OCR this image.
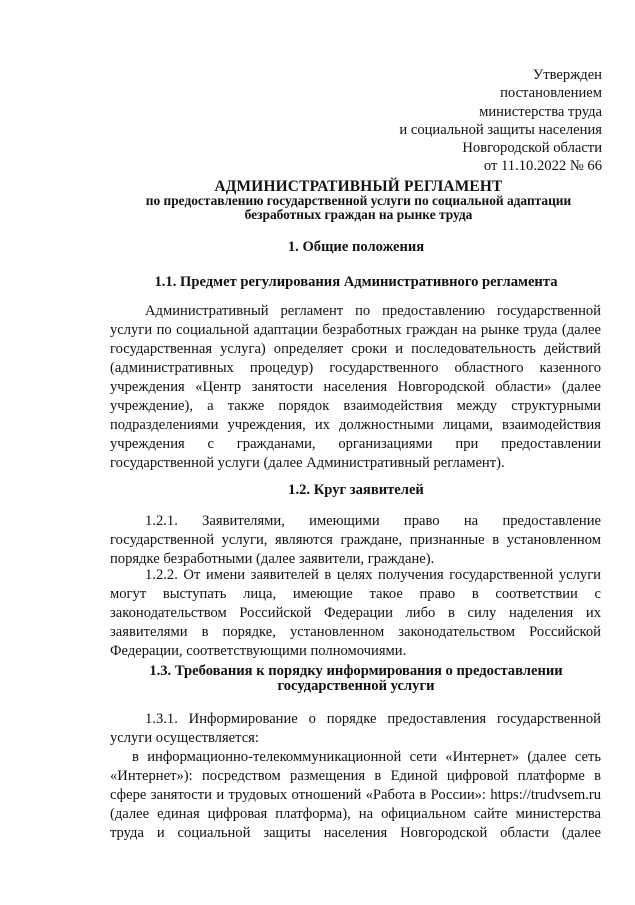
Утвержден
постановлением
министерства труда
и социальной защиты населения
Новгородской области
от 11.10.2022 № 66
АДМИНИСТРАТИВНЫЙ РЕГЛАМЕНТ
по предоставлению государственной услуги по социальной адаптации
безработных граждан на рынке труда
1. Общие положения
1.1. Предмет регулирования Административного регламента
Административный регламент по предоставлению государственной
услуги по социальной адаптации безработных граждан на рынке труда (далее
государственная услуга) определяет сроки и последовательность действий
(административных процедур) государственного областного казенного
учреждения «Центр занятости населения Новгородской области» (далее
учреждение), а также порядок взаимодействия между структурными
подразделениями учреждения, их должностными лицами, взаимодействия
учреждения с гражданами, организациями при предоставлении
государственной услуги (далее Административный регламент).
1.2. Круг заявителей
1.2.1. Заявителями, имеющими право на предоставление
государственной услуги, являются граждане, признанные в установленном
порядке безработными (далее заявители, граждане).
1.2.2. От имени заявителей в целях получения государственной услуги
могут выступать лица, имеющие такое право в соответствии с
законодательством Российской Федерации либо в силу наделения их
заявителями в порядке, установленном законодательством Российской
Федерации, соответствующими полномочиями.
1.3. Требования к порядку информирования о предоставлении
государственной услуги
1.3.1. Информирование о порядке предоставления государственной
услуги осуществляется:
в информационно-телекоммуникационной сети «Интернет» (далее сеть
«Интернет»): посредством размещения в Единой цифровой платформе в
сфере занятости и трудовых отношений «Работа в России»: https://trudvsem.ru
(далее единая цифровая платформа), на официальном сайте министерства
труда и социальной защиты населения Новгородской области (далее
